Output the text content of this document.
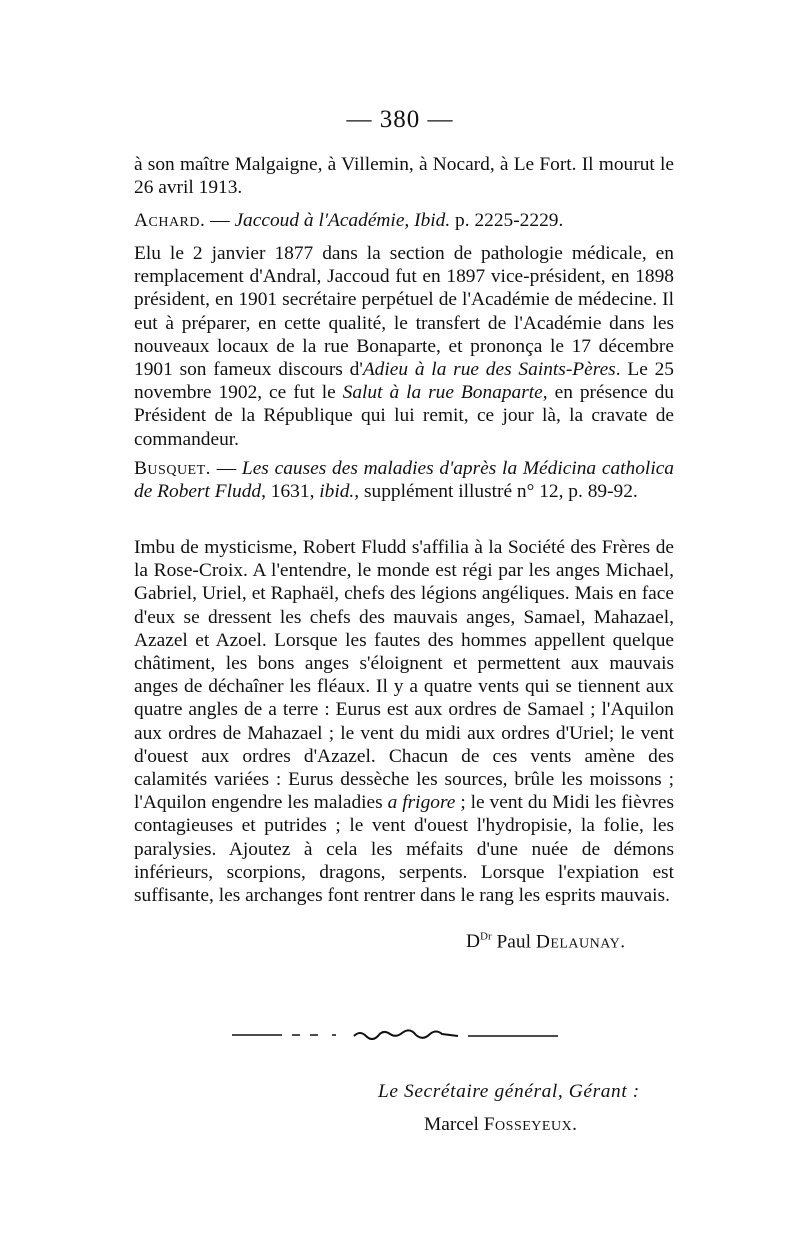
— 380 —

à son maître Malgaigne, à Villemin, à Nocard, à Le Fort. Il mourut le 26 avril 1913.

Achard. — Jaccoud à l'Académie, Ibid. p. 2225-2229.

Elu le 2 janvier 1877 dans la section de pathologie médicale, en remplacement d'Andral, Jaccoud fut en 1897 vice-président, en 1898 président, en 1901 secrétaire perpétuel de l'Académie de médecine. Il eut à préparer, en cette qualité, le transfert de l'Académie dans les nouveaux locaux de la rue Bonaparte, et prononça le 17 décembre 1901 son fameux discours d'Adieu à la rue des Saints-Pères. Le 25 novembre 1902, ce fut le Salut à la rue Bonaparte, en présence du Président de la République qui lui remit, ce jour là, la cravate de commandeur.

Busquet. — Les causes des maladies d'après la Médicina catholica de Robert Fludd, 1631, ibid., supplément illustré n° 12, p. 89-92.

Imbu de mysticisme, Robert Fludd s'affilia à la Société des Frères de la Rose-Croix. A l'entendre, le monde est régi par les anges Michael, Gabriel, Uriel, et Raphaël, chefs des légions angéliques. Mais en face d'eux se dressent les chefs des mauvais anges, Samael, Mahazael, Azazel et Azoel. Lorsque les fautes des hommes appellent quelque châtiment, les bons anges s'éloignent et permettent aux mauvais anges de déchaîner les fléaux. Il y a quatre vents qui se tiennent aux quatre angles de a terre : Eurus est aux ordres de Samael ; l'Aquilon aux ordres de Mahazael ; le vent du midi aux ordres d'Uriel; le vent d'ouest aux ordres d'Azazel. Chacun de ces vents amène des calamités variées : Eurus dessèche les sources, brûle les moissons ; l'Aquilon engendre les maladies a frigore ; le vent du Midi les fièvres contagieuses et putrides ; le vent d'ouest l'hydropisie, la folie, les paralysies. Ajoutez à cela les méfaits d'une nuée de démons inférieurs, scorpions, dragons, serpents. Lorsque l'expiation est suffisante, les archanges font rentrer dans le rang les esprits mauvais.

$D^{Dr}$ Paul Delaunay.
Le Secrétaire général, Gérant :
Marcel Fosseyeux.
